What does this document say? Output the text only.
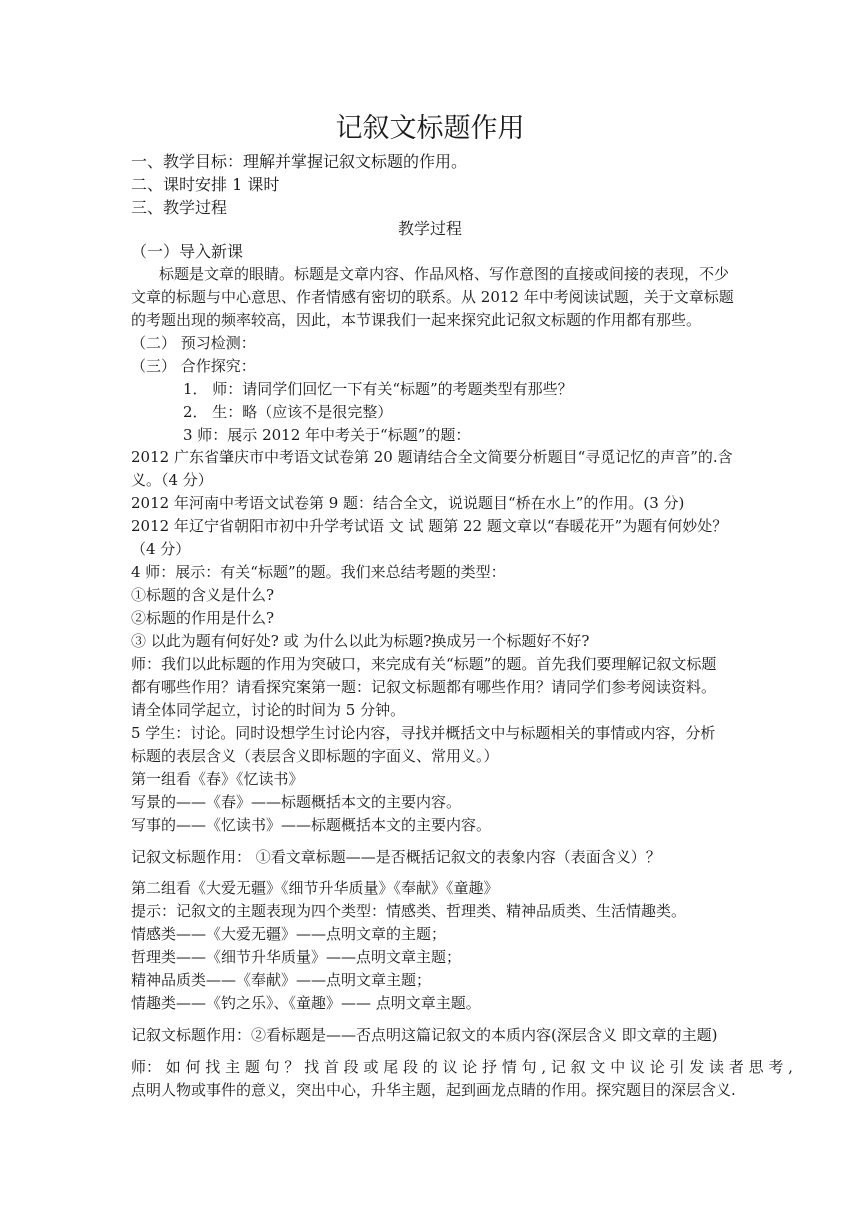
记叙文标题作用
一、教学目标：理解并掌握记叙文标题的作用。
二、课时安排 1 课时
三、教学过程
教学过程
（一）导入新课
标题是文章的眼睛。标题是文章内容、作品风格、写作意图的直接或间接的表现，不少
文章的标题与中心意思、作者情感有密切的联系。从 2012 年中考阅读试题，关于文章标题
的考题出现的频率较高，因此，本节课我们一起来探究此记叙文标题的作用都有那些。
（二） 预习检测：
（三） 合作探究：
1． 师：请同学们回忆一下有关“标题”的考题类型有那些？
2． 生：略（应该不是很完整）
3 师：展示 2012 年中考关于“标题”的题：
2012 广东省肇庆市中考语文试卷第 20 题请结合全文简要分析题目“寻觅记忆的声音”的.含
义。（4 分）
2012 年河南中考语文试卷第 9 题：结合全文，说说题目“桥在水上”的作用。(3 分)
2012 年辽宁省朝阳市初中升学考试语 文 试 题第 22 题文章以“春暖花开”为题有何妙处？
（4 分）
4 师：展示：有关“标题”的题。我们来总结考题的类型：
①标题的含义是什么?
②标题的作用是什么?
③ 以此为题有何好处? 或 为什么以此为标题?换成另一个标题好不好?
师：我们以此标题的作用为突破口，来完成有关“标题”的题。首先我们要理解记叙文标题
都有哪些作用？请看探究案第一题：记叙文标题都有哪些作用？请同学们参考阅读资料。
请全体同学起立，讨论的时间为 5 分钟。
5 学生：讨论。同时设想学生讨论内容，寻找并概括文中与标题相关的事情或内容，分析
标题的表层含义（表层含义即标题的字面义、常用义。）
第一组看《春》《忆读书》
写景的——《春》——标题概括本文的主要内容。
写事的——《忆读书》——标题概括本文的主要内容。
记叙文标题作用： ①看文章标题——是否概括记叙文的表象内容（表面含义）？
第二组看《大爱无疆》《细节升华质量》《奉献》《童趣》
提示：记叙文的主题表现为四个类型：情感类、哲理类、精神品质类、生活情趣类。
情感类——《大爱无疆》——点明文章的主题；
哲理类——《细节升华质量》——点明文章主题；
精神品质类——《奉献》——点明文章主题；
情趣类——《钓之乐》、《童趣》—— 点明文章主题。
记叙文标题作用：②看标题是——否点明这篇记叙文的本质内容(深层含义 即文章的主题)
师： 如 何 找 主 题 句 ？ 找 首 段 或 尾 段 的 议 论 抒 情 句 , 记 叙 文 中 议 论 引 发 读 者 思 考 ,
点明人物或事件的意义，突出中心，升华主题，起到画龙点睛的作用。探究题目的深层含义.
